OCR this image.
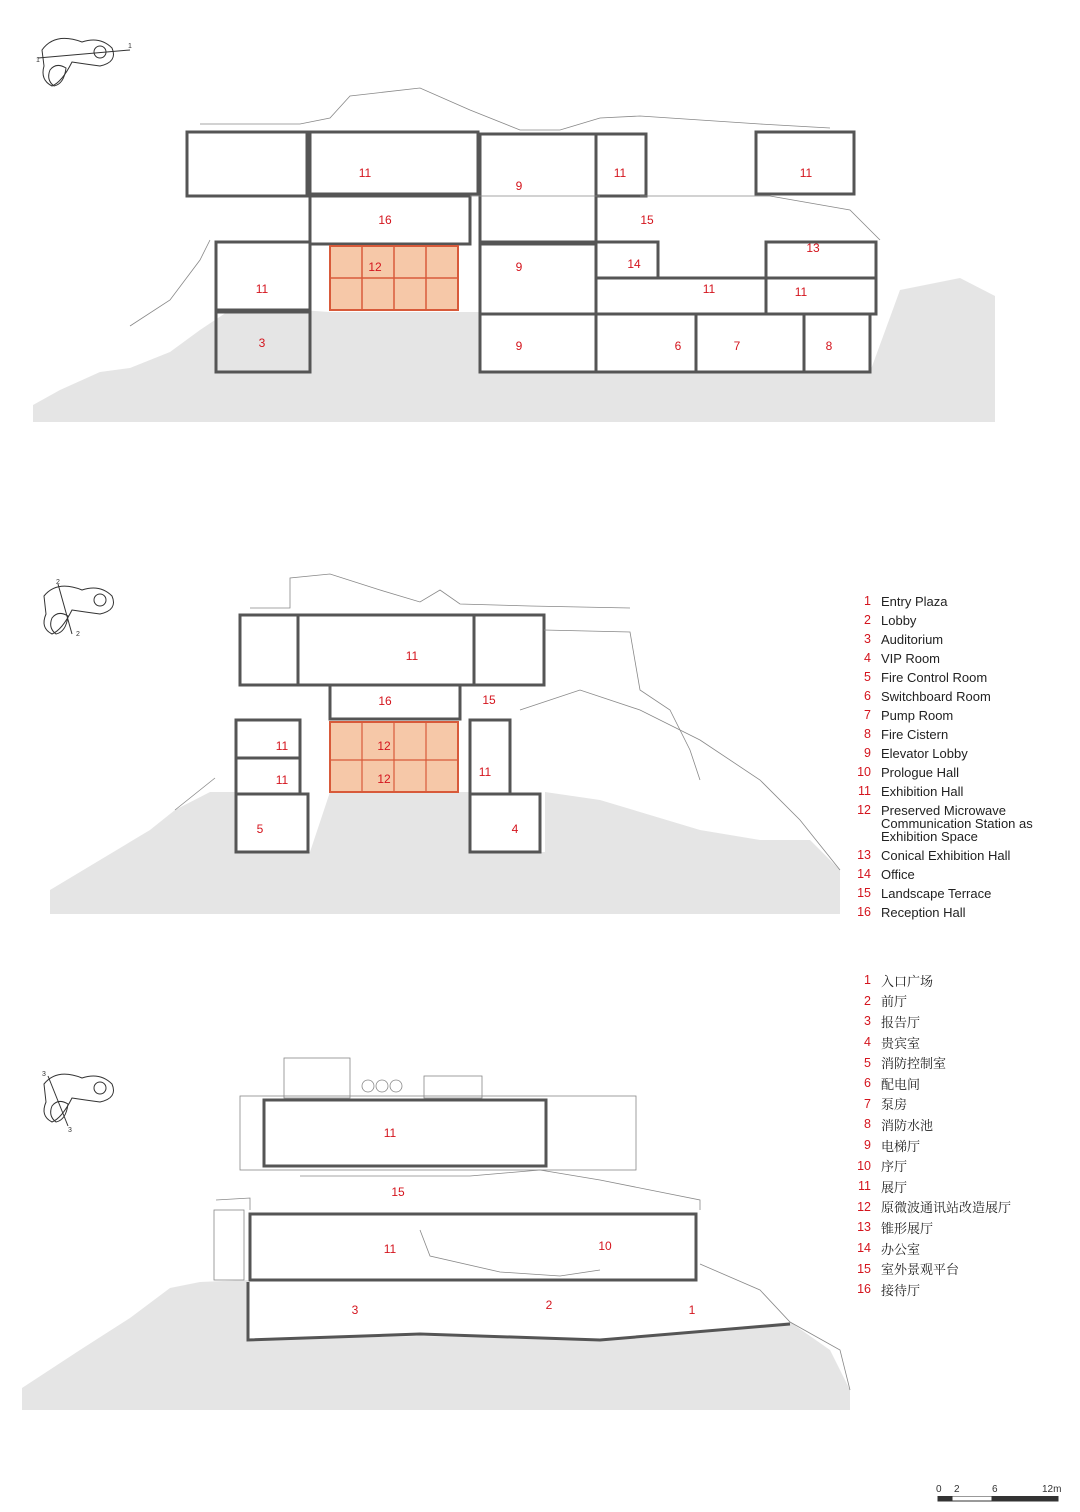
1
1
11	11	11
16
9
15
12	9	14
13
11	11	11
3	9	6	7	8
2
2
11
16	15
12
11
11	12	11
5	4
3
3	11
15
11	10
3	2	1
1 Entry Plaza
2 Lobby
3 Auditorium
4 VIP Room
5 Fire Control Room
6 Switchboard Room
7 Pump Room
8 Fire Cistern
9 Elevator Lobby
10 Prologue Hall
11 Exhibition Hall
12 Preserved Microwave Communication Station as Exhibition Space
13 Conical Exhibition Hall
14 Office
15 Landscape Terrace
16 Reception Hall
1 入口广场
2 前厅
3 报告厅
4 贵宾室
5 消防控制室
6 配电间
7 泵房
8 消防水池
9 电梯厅
10 序厅
11 展厅
12 原微波通讯站改造展厅
13 锥形展厅
14 办公室
15 室外景观平台
16 接待厅
0 2	6	12m
